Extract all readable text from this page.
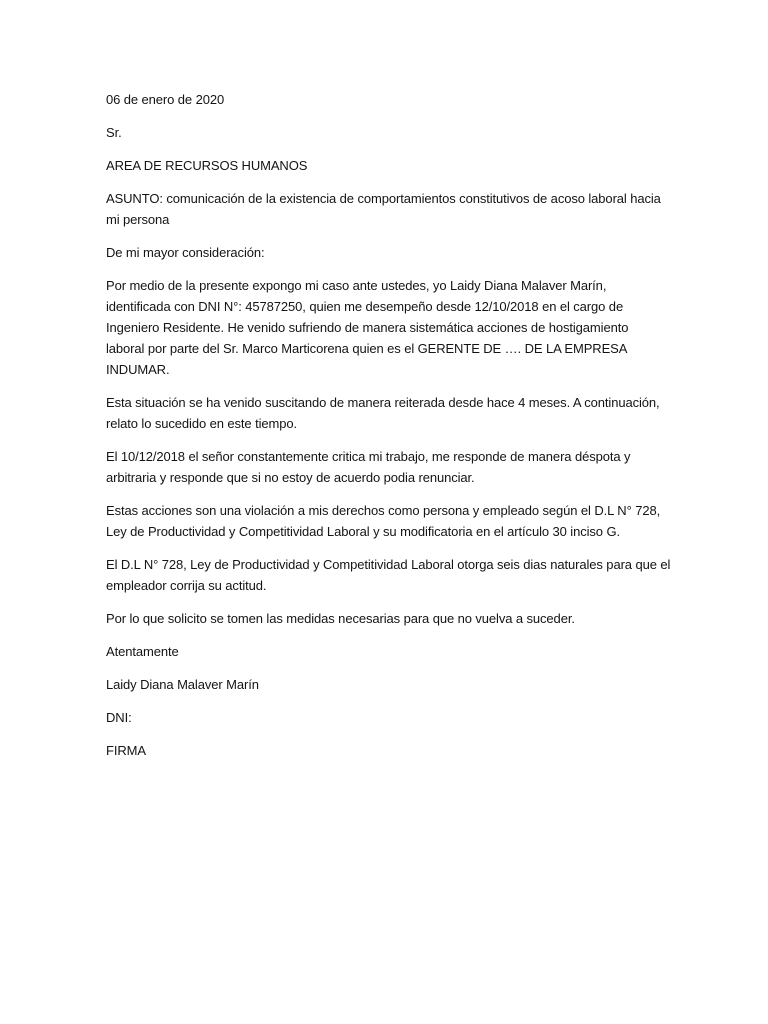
06 de enero de 2020

Sr.

AREA DE RECURSOS HUMANOS

ASUNTO: comunicación de la existencia de comportamientos constitutivos de acoso laboral hacia
mi persona

De mi mayor consideración:

Por medio de la presente expongo mi caso ante ustedes, yo Laidy Diana Malaver Marín,
identificada con DNI N°: 45787250, quien me desempeño desde 12/10/2018 en el cargo de
Ingeniero Residente. He venido sufriendo de manera sistemática acciones de hostigamiento
laboral por parte del Sr. Marco Marticorena quien es el GERENTE DE …. DE LA EMPRESA
INDUMAR.

Esta situación se ha venido suscitando de manera reiterada desde hace 4 meses. A continuación,
relato lo sucedido en este tiempo.

El 10/12/2018 el señor constantemente critica mi trabajo, me responde de manera déspota y
arbitraria y responde que si no estoy de acuerdo podia renunciar.

Estas acciones son una violación a mis derechos como persona y empleado según el D.L N° 728,
Ley de Productividad y Competitividad Laboral y su modificatoria en el artículo 30 inciso G.

El D.L N° 728, Ley de Productividad y Competitividad Laboral otorga seis dias naturales para que el
empleador corrija su actitud.

Por lo que solicito se tomen las medidas necesarias para que no vuelva a suceder.

Atentamente

Laidy Diana Malaver Marín

DNI:

FIRMA
